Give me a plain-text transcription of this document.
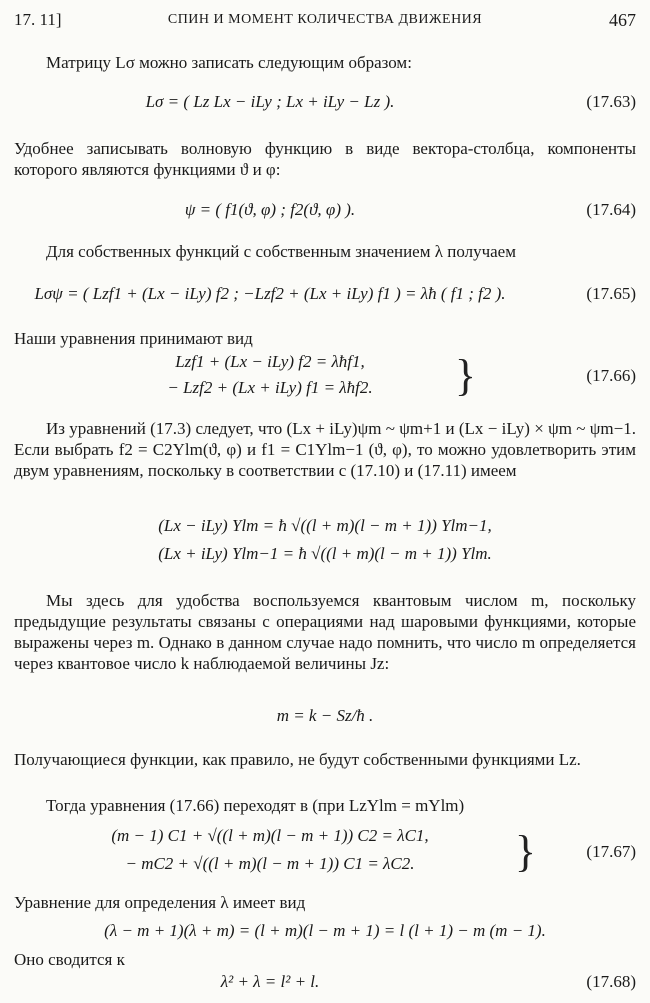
17. 11]	СПИН И МОМЕНТ КОЛИЧЕСТВА ДВИЖЕНИЯ	467
Матрицу Lσ можно записать следующим образом:
Lσ = ( Lz Lx − iLy ; Lx + iLy − Lz ).	(17.63)
Удобнее записывать волновую функцию в виде вектора-столбца, компоненты которого являются функциями ϑ и φ:
ψ = ( f1(ϑ, φ) ; f2(ϑ, φ) ).	(17.64)
Для собственных функций с собственным значением λ получаем
Lσψ = ( Lzf1 + (Lx − iLy) f2 ; −Lzf2 + (Lx + iLy) f1 ) = λħ ( f1 ; f2 ).	(17.65)
Наши уравнения принимают вид
Lzf1 + (Lx − iLy) f2 = λħf1,
− Lzf2 + (Lx + iLy) f1 = λħf2.	}	(17.66)
Из уравнений (17.3) следует, что (Lx + iLy)ψm ~ ψm+1 и (Lx − iLy) × ψm ~ ψm−1. Если выбрать f2 = C2Ylm(ϑ, φ) и f1 = C1Ylm−1 (ϑ, φ), то можно удовлетворить этим двум уравнениям, поскольку в соответствии с (17.10) и (17.11) имеем
(Lx − iLy) Ylm = ħ √((l + m)(l − m + 1)) Ylm−1,
(Lx + iLy) Ylm−1 = ħ √((l + m)(l − m + 1)) Ylm.
Мы здесь для удобства воспользуемся квантовым числом m, поскольку предыдущие результаты связаны с операциями над шаровыми функциями, которые выражены через m. Однако в данном случае надо помнить, что число m определяется через квантовое число k наблюдаемой величины Jz:
m = k − Sz/ħ .
Получающиеся функции, как правило, не будут собственными функциями Lz.
Тогда уравнения (17.66) переходят в (при LzYlm = mYlm)
(m − 1) C1 + √((l + m)(l − m + 1)) C2 = λC1,
− mC2 + √((l + m)(l − m + 1)) C1 = λC2.	}	(17.67)
Уравнение для определения λ имеет вид
(λ − m + 1)(λ + m) = (l + m)(l − m + 1) = l (l + 1) − m (m − 1).
Оно сводится к
λ² + λ = l² + l.	(17.68)
